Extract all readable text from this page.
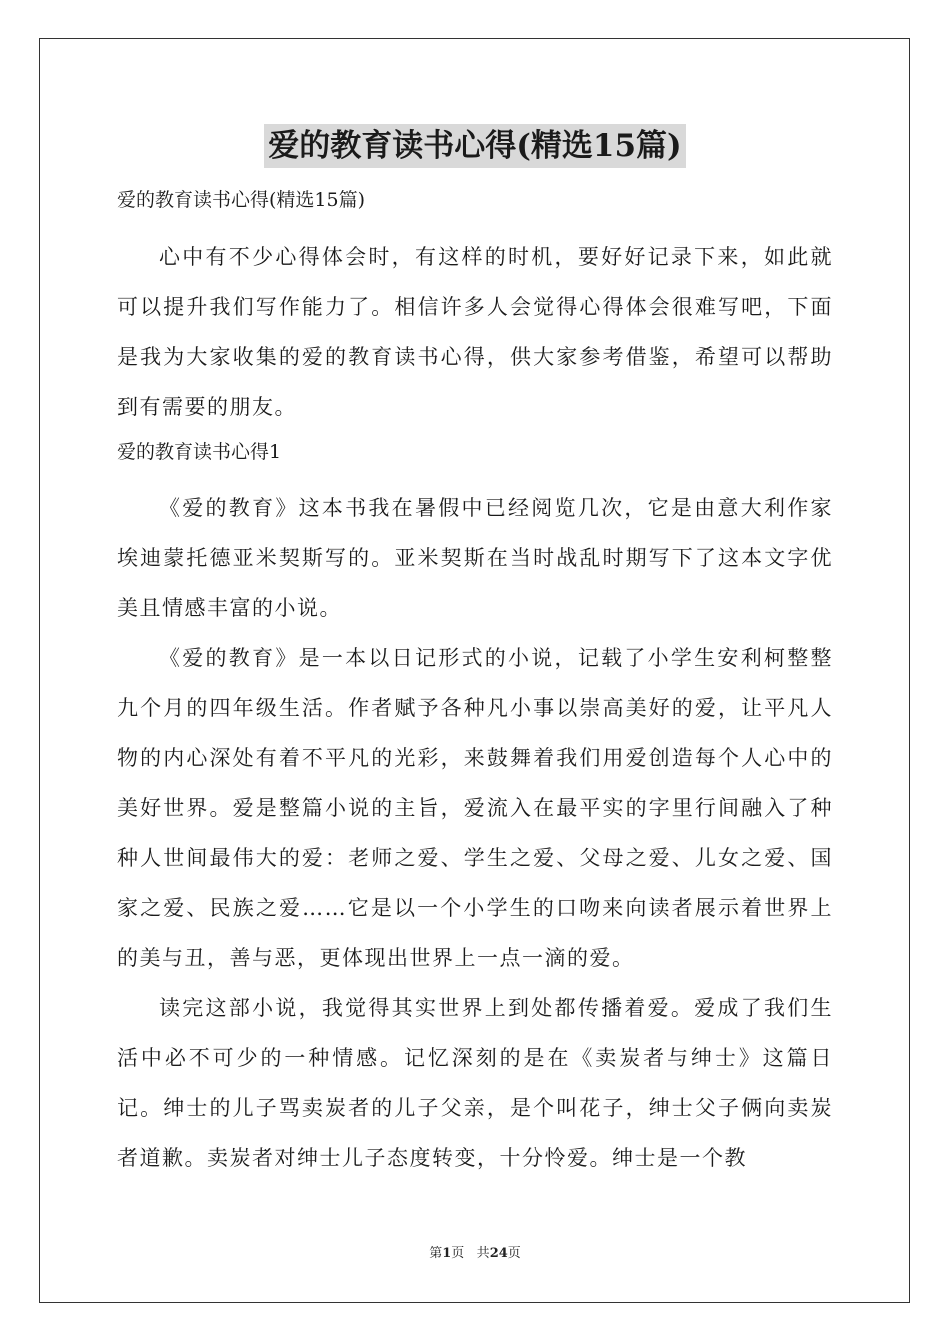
爱的教育读书心得(精选15篇)
爱的教育读书心得(精选15篇)

心中有不少心得体会时，有这样的时机，要好好记录下来，如此就可以提升我们写作能力了。相信许多人会觉得心得体会很难写吧，下面是我为大家收集的爱的教育读书心得，供大家参考借鉴，希望可以帮助到有需要的朋友。

爱的教育读书心得1

《爱的教育》这本书我在暑假中已经阅览几次，它是由意大利作家埃迪蒙托德亚米契斯写的。亚米契斯在当时战乱时期写下了这本文字优美且情感丰富的小说。

《爱的教育》是一本以日记形式的小说，记载了小学生安利柯整整九个月的四年级生活。作者赋予各种凡小事以崇高美好的爱，让平凡人物的内心深处有着不平凡的光彩，来鼓舞着我们用爱创造每个人心中的美好世界。爱是整篇小说的主旨，爱流入在最平实的字里行间融入了种种人世间最伟大的爱：老师之爱、学生之爱、父母之爱、儿女之爱、国家之爱、民族之爱……它是以一个小学生的口吻来向读者展示着世界上的美与丑，善与恶，更体现出世界上一点一滴的爱。

读完这部小说，我觉得其实世界上到处都传播着爱。爱成了我们生活中必不可少的一种情感。记忆深刻的是在《卖炭者与绅士》这篇日记。绅士的儿子骂卖炭者的儿子父亲，是个叫花子，绅士父子俩向卖炭者道歉。卖炭者对绅士儿子态度转变，十分怜爱。绅士是一个教

第1页 共24页
